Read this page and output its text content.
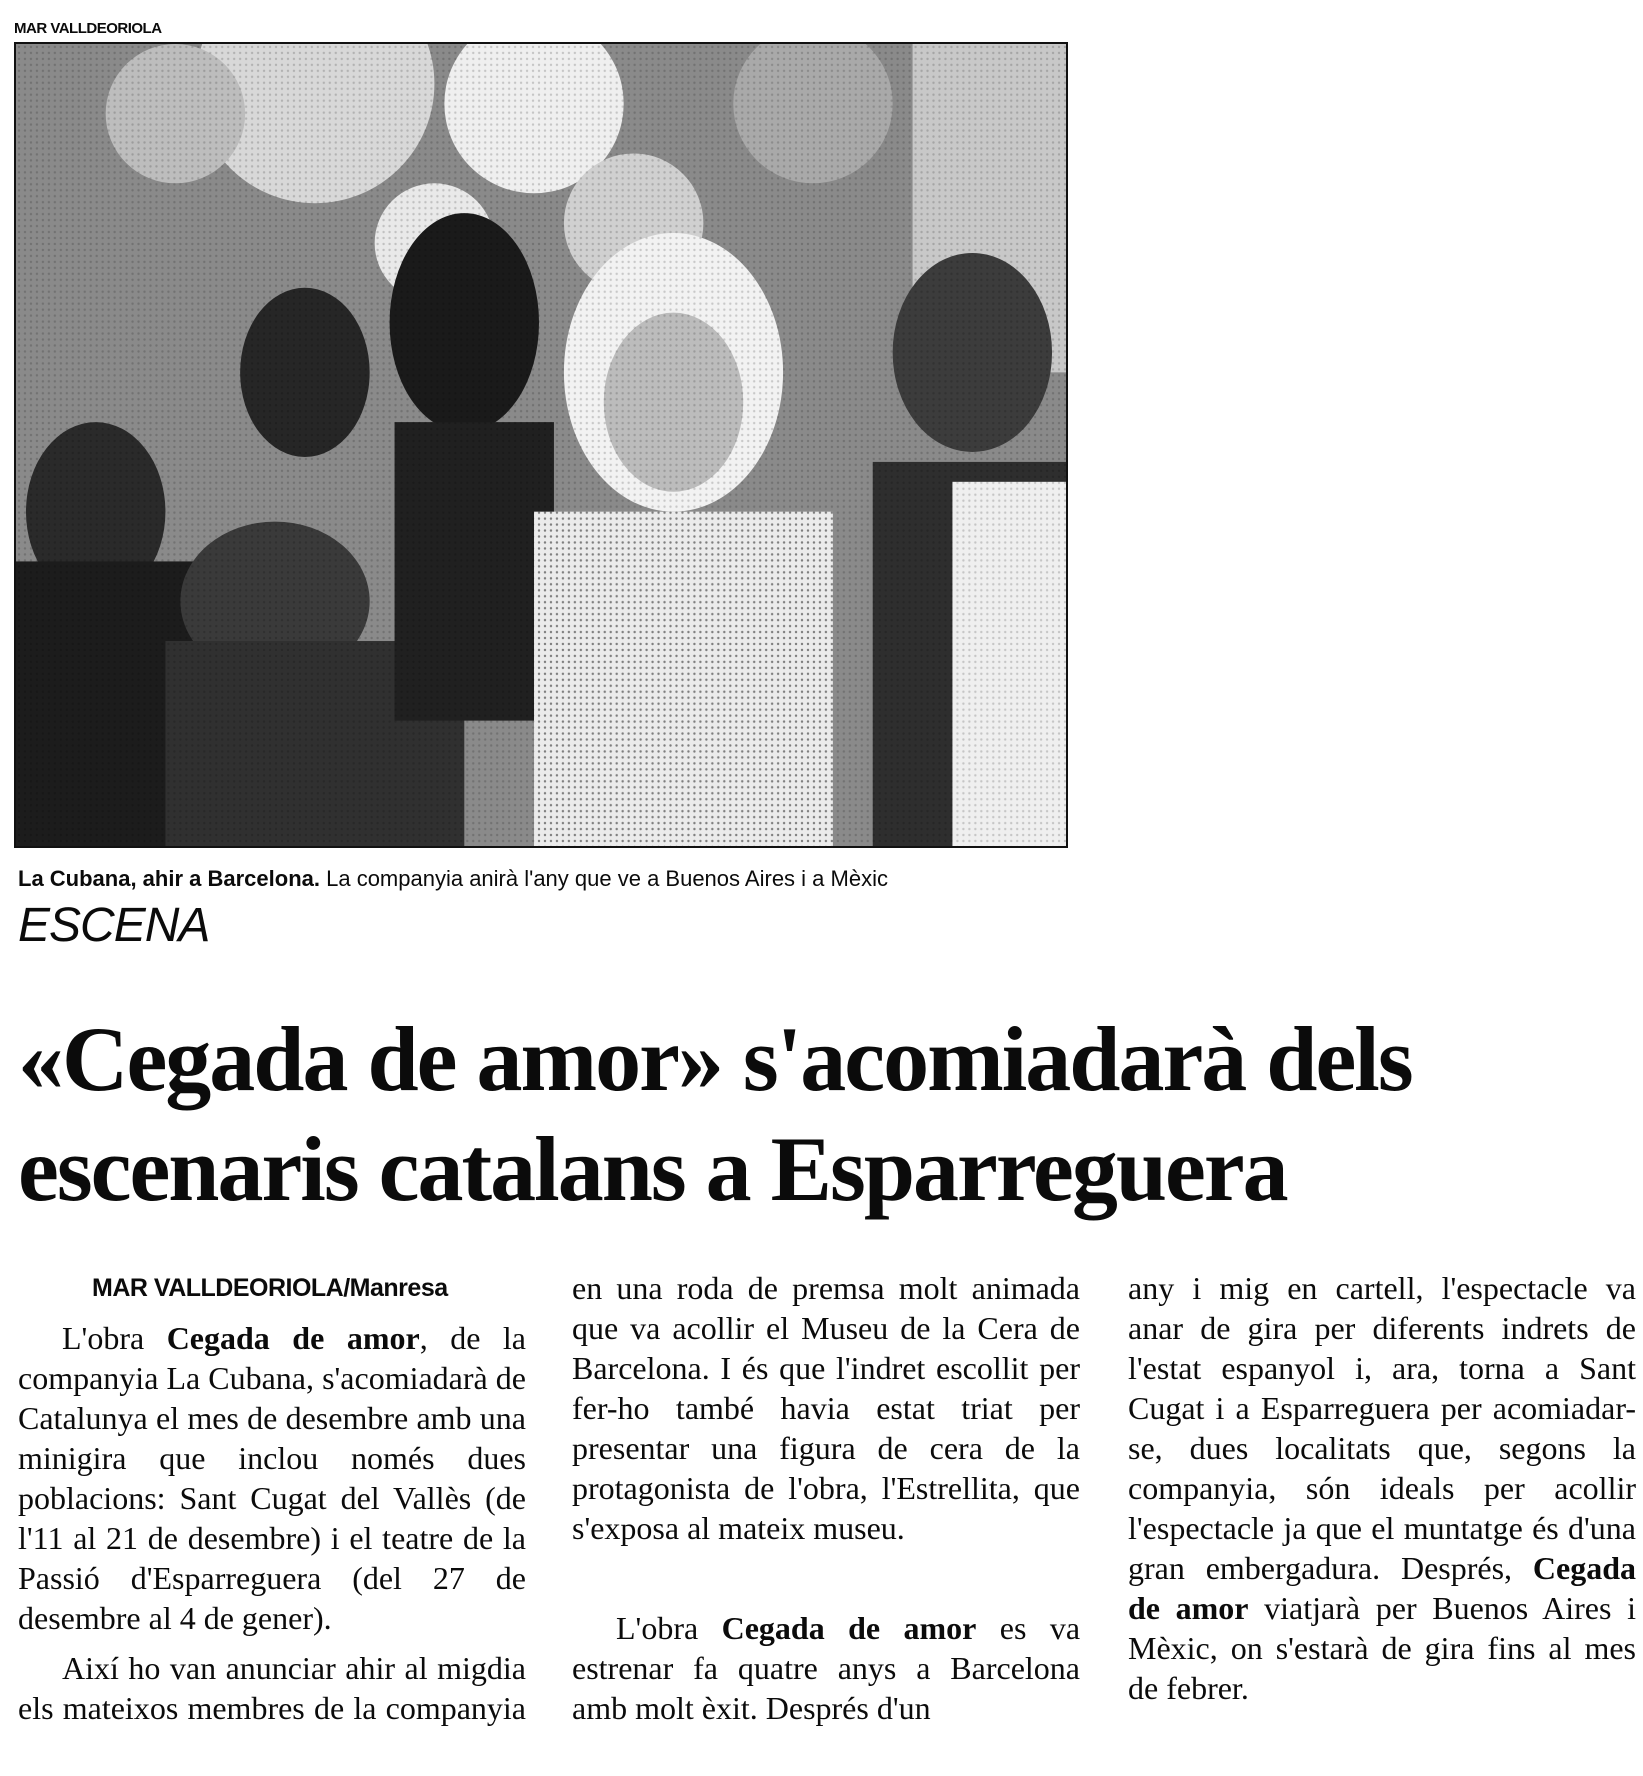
MAR VALLDEORIOLA
La Cubana, ahir a Barcelona. La companyia anirà l'any que ve a Buenos Aires i a Mèxic
ESCENA
«Cegada de amor» s'acomiadarà dels
escenaris catalans a Esparreguera

MAR VALLDEORIOLA/Manresa

L'obra Cegada de amor, de la companyia La Cubana, s'acomiadarà de Catalunya el mes de desembre amb una minigira que inclou només dues poblacions: Sant Cugat del Vallès (de l'11 al 21 de desembre) i el teatre de la Passió d'Esparreguera (del 27 de desembre al 4 de gener).

Així ho van anunciar ahir al migdia els mateixos membres de la companyia

en una roda de premsa molt animada que va acollir el Museu de la Cera de Barcelona. I és que l'indret escollit per fer-ho també havia estat triat per presentar una figura de cera de la protagonista de l'obra, l'Estrellita, que s'exposa al mateix museu.

L'obra Cegada de amor es va estrenar fa quatre anys a Barcelona amb molt èxit. Després d'un

any i mig en cartell, l'espectacle va anar de gira per diferents indrets de l'estat espanyol i, ara, torna a Sant Cugat i a Esparreguera per acomiadar-se, dues localitats que, segons la companyia, són ideals per acollir l'espectacle ja que el muntatge és d'una gran embergadura. Després, Cegada de amor viatjarà per Buenos Aires i Mèxic, on s'estarà de gira fins al mes de febrer.
